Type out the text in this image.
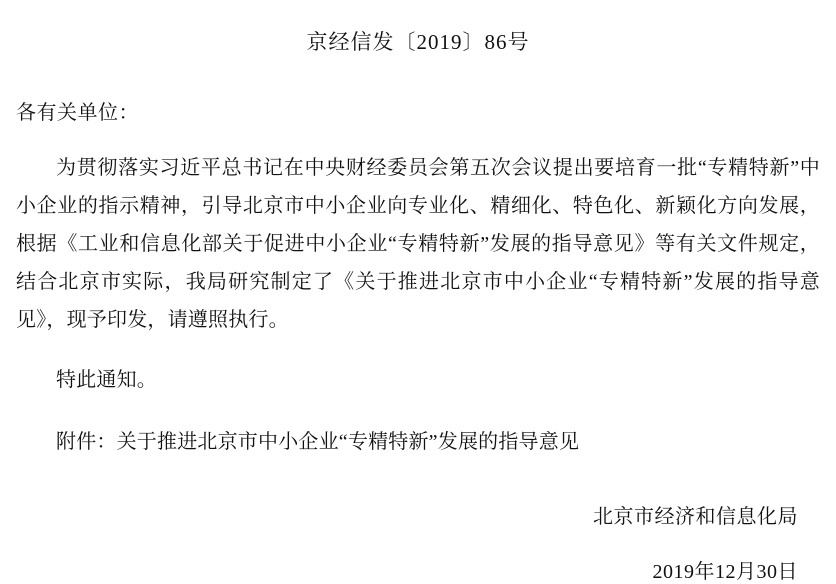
京经信发〔2019〕86号
各有关单位：
为贯彻落实习近平总书记在中央财经委员会第五次会议提出要培育一批“专精特新”中小企业的指示精神，引导北京市中小企业向专业化、精细化、特色化、新颖化方向发展，根据《工业和信息化部关于促进中小企业“专精特新”发展的指导意见》等有关文件规定，结合北京市实际，我局研究制定了《关于推进北京市中小企业“专精特新”发展的指导意见》，现予印发，请遵照执行。
特此通知。
附件：关于推进北京市中小企业“专精特新”发展的指导意见
北京市经济和信息化局
2019年12月30日
